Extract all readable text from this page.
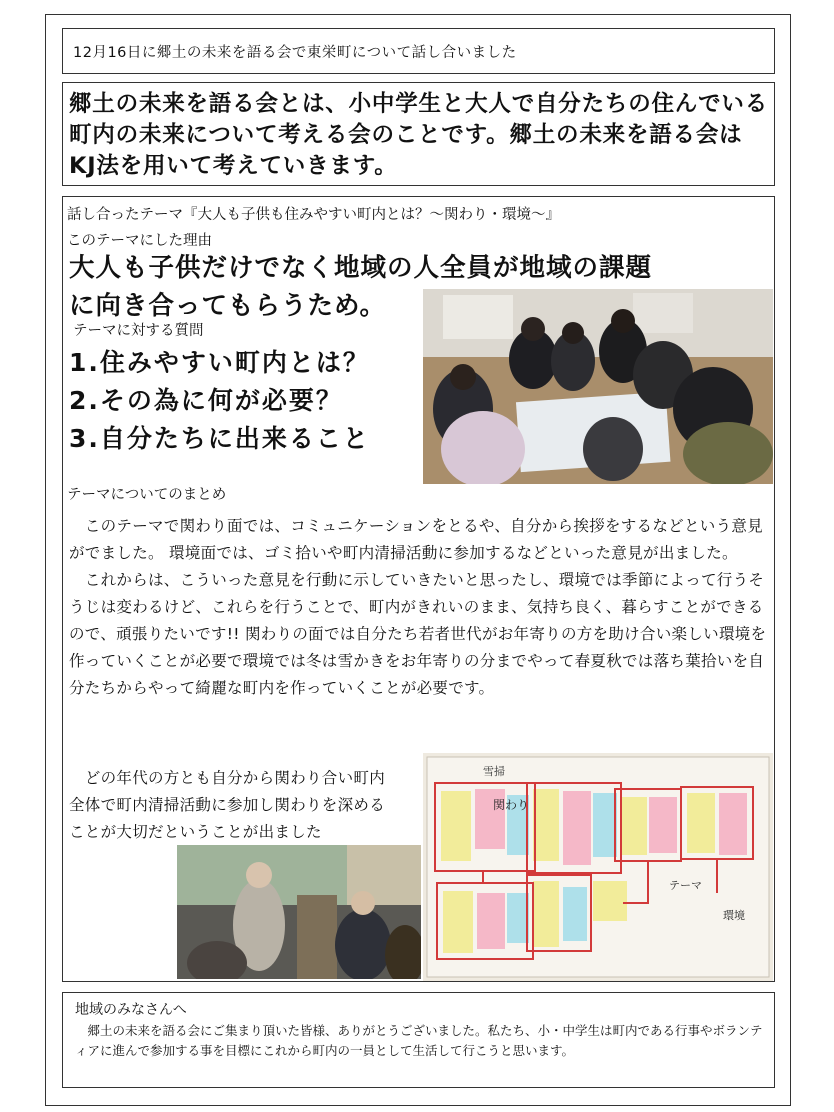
12月16日に郷土の未来を語る会で東栄町について話し合いました

郷土の未来を語る会とは、小中学生と大人で自分たちの住んでいる町内の未来について考える会のことです。郷土の未来を語る会はKJ法を用いて考えていきます。

話し合ったテーマ『大人も子供も住みやすい町内とは？～関わり・環境～』
このテーマにした理由
大人も子供だけでなく地域の人全員が地域の課題
に向き合ってもらうため。
テーマに対する質問
1.住みやすい町内とは？
2.その為に何が必要？
3.自分たちに出来ること
テーマについてのまとめ

　このテーマで関わり面では、コミュニケーションをとるや、自分から挨拶をするなどという意見がでました。 環境面では、ゴミ拾いや町内清掃活動に参加するなどといった意見が出ました。

　これからは、こういった意見を行動に示していきたいと思ったし、環境では季節によって行うそうじは変わるけど、これらを行うことで、町内がきれいのまま、気持ち良く、暮らすことができるので、頑張りたいです!! 関わりの面では自分たち若者世代がお年寄りの方を助け合い楽しい環境を作っていくことが必要で環境では冬は雪かきをお年寄りの分までやって春夏秋では落ち葉拾いを自分たちからやって綺麗な町内を作っていくことが必要です。

　どの年代の方とも自分から関わり合い町内全体で町内清掃活動に参加し関わりを深めることが大切だということが出ました
雪掃
関わり
テーマ
環境
地域のみなさんへ
　郷土の未来を語る会にご集まり頂いた皆様、ありがとうございました。私たち、小・中学生は町内である行事やボランティアに進んで参加する事を目標にこれから町内の一員として生活して行こうと思います。
